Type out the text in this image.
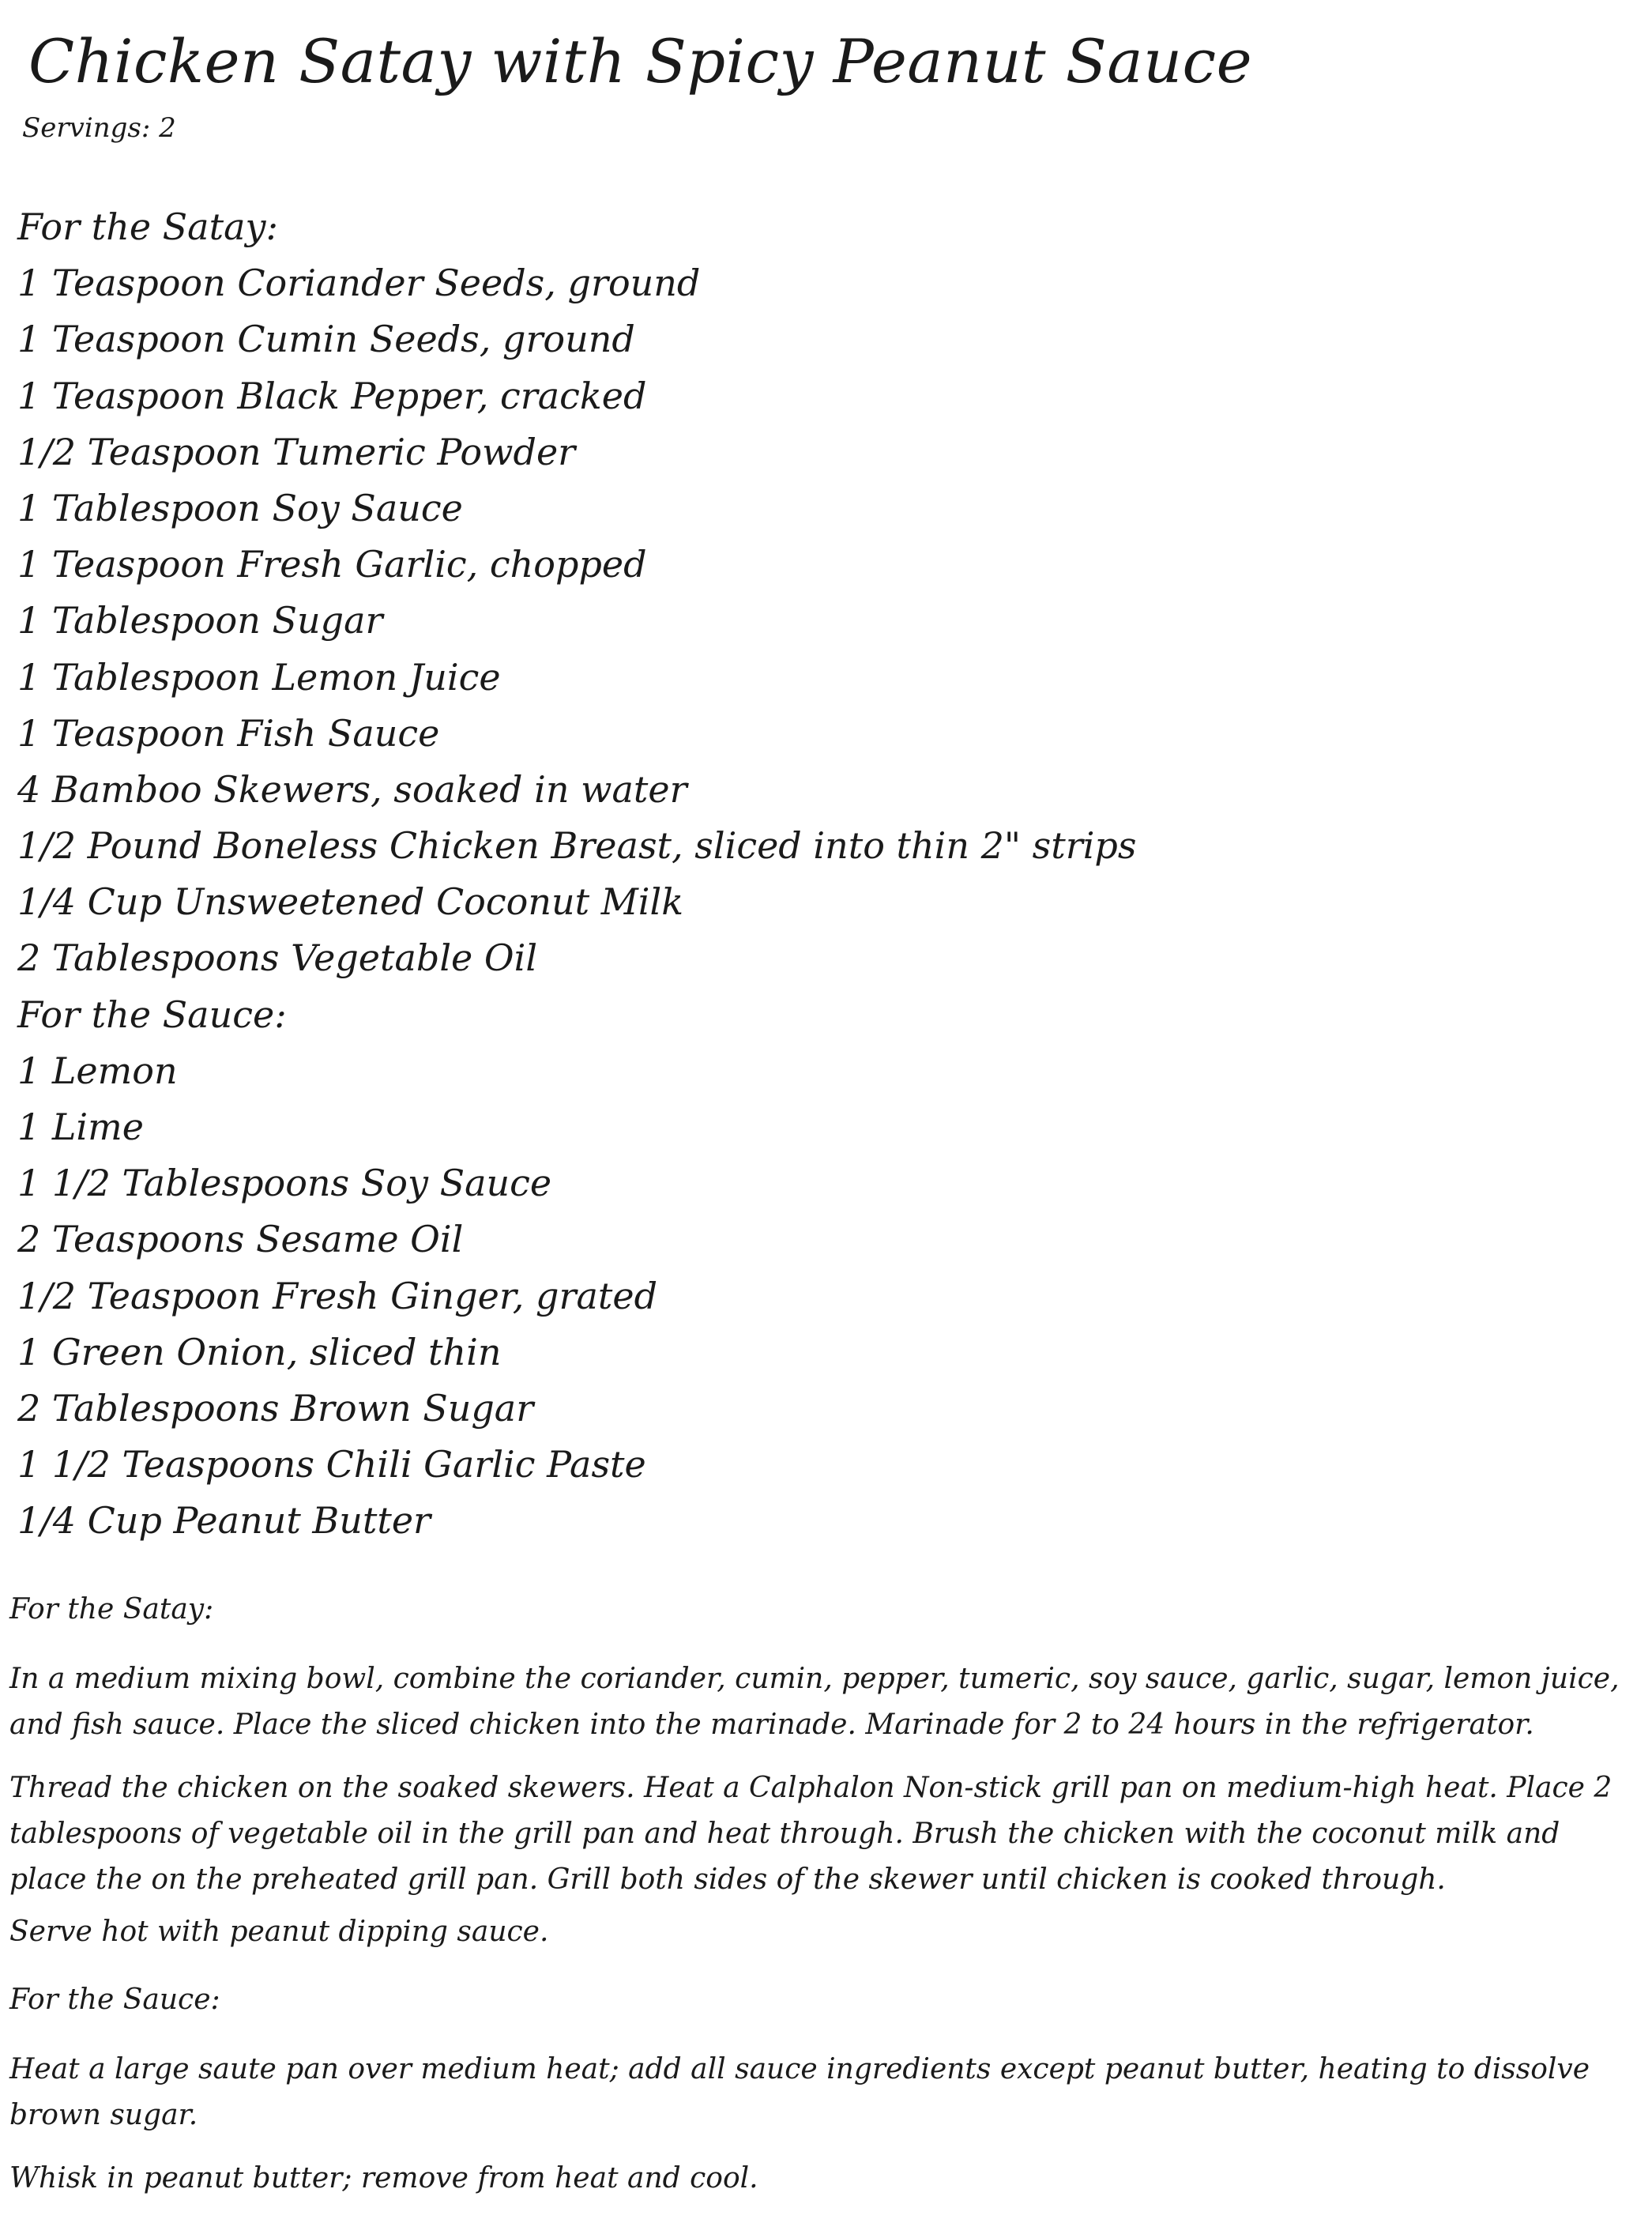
Chicken Satay with Spicy Peanut Sauce
Servings: 2
For the Satay:
1 Teaspoon Coriander Seeds, ground
1 Teaspoon Cumin Seeds, ground
1 Teaspoon Black Pepper, cracked
1/2 Teaspoon Tumeric Powder
1 Tablespoon Soy Sauce
1 Teaspoon Fresh Garlic, chopped
1 Tablespoon Sugar
1 Tablespoon Lemon Juice
1 Teaspoon Fish Sauce
4 Bamboo Skewers, soaked in water
1/2 Pound Boneless Chicken Breast, sliced into thin 2" strips
1/4 Cup Unsweetened Coconut Milk
2 Tablespoons Vegetable Oil
For the Sauce:
1 Lemon
1 Lime
1 1/2 Tablespoons Soy Sauce
2 Teaspoons Sesame Oil
1/2 Teaspoon Fresh Ginger, grated
1 Green Onion, sliced thin
2 Tablespoons Brown Sugar
1 1/2 Teaspoons Chili Garlic Paste
1/4 Cup Peanut Butter

For the Satay:

In a medium mixing bowl, combine the coriander, cumin, pepper, tumeric, soy sauce, garlic, sugar, lemon juice, and fish sauce. Place the sliced chicken into the marinade. Marinade for 2 to 24 hours in the refrigerator.

Thread the chicken on the soaked skewers. Heat a Calphalon Non-stick grill pan on medium-high heat. Place 2 tablespoons of vegetable oil in the grill pan and heat through. Brush the chicken with the coconut milk and place the on the preheated grill pan. Grill both sides of the skewer until chicken is cooked through.

Serve hot with peanut dipping sauce.

For the Sauce:

Heat a large saute pan over medium heat; add all sauce ingredients except peanut butter, heating to dissolve brown sugar.

Whisk in peanut butter; remove from heat and cool.
